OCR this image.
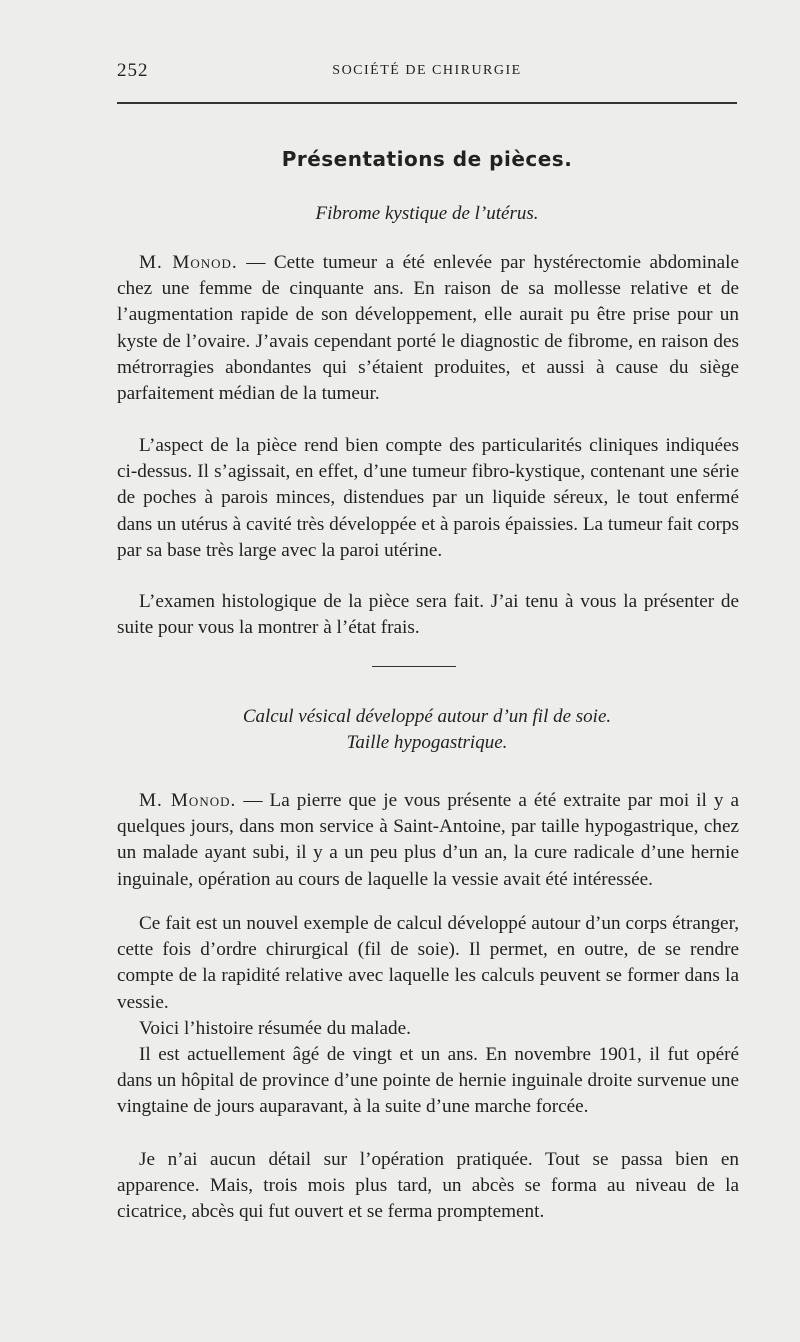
252	SOCIÉTÉ DE CHIRURGIE
Présentations de pièces.
Fibrome kystique de l’utérus.

M. Monod. — Cette tumeur a été enlevée par hystérectomie abdominale chez une femme de cinquante ans. En raison de sa mollesse relative et de l’augmentation rapide de son développement, elle aurait pu être prise pour un kyste de l’ovaire. J’avais cependant porté le diagnostic de fibrome, en raison des métrorragies abondantes qui s’étaient produites, et aussi à cause du siège parfaitement médian de la tumeur.

L’aspect de la pièce rend bien compte des particularités cliniques indiquées ci-dessus. Il s’agissait, en effet, d’une tumeur fibro-kystique, contenant une série de poches à parois minces, distendues par un liquide séreux, le tout enfermé dans un utérus à cavité très développée et à parois épaissies. La tumeur fait corps par sa base très large avec la paroi utérine.

L’examen histologique de la pièce sera fait. J’ai tenu à vous la présenter de suite pour vous la montrer à l’état frais.

Calcul vésical développé autour d’un fil de soie.
Taille hypogastrique.

M. Monod. — La pierre que je vous présente a été extraite par moi il y a quelques jours, dans mon service à Saint-Antoine, par taille hypogastrique, chez un malade ayant subi, il y a un peu plus d’un an, la cure radicale d’une hernie inguinale, opération au cours de laquelle la vessie avait été intéressée.

Ce fait est un nouvel exemple de calcul développé autour d’un corps étranger, cette fois d’ordre chirurgical (fil de soie). Il permet, en outre, de se rendre compte de la rapidité relative avec laquelle les calculs peuvent se former dans la vessie.

Voici l’histoire résumée du malade.

Il est actuellement âgé de vingt et un ans. En novembre 1901, il fut opéré dans un hôpital de province d’une pointe de hernie inguinale droite survenue une vingtaine de jours auparavant, à la suite d’une marche forcée.

Je n’ai aucun détail sur l’opération pratiquée. Tout se passa bien en apparence. Mais, trois mois plus tard, un abcès se forma au niveau de la cicatrice, abcès qui fut ouvert et se ferma promptement.
